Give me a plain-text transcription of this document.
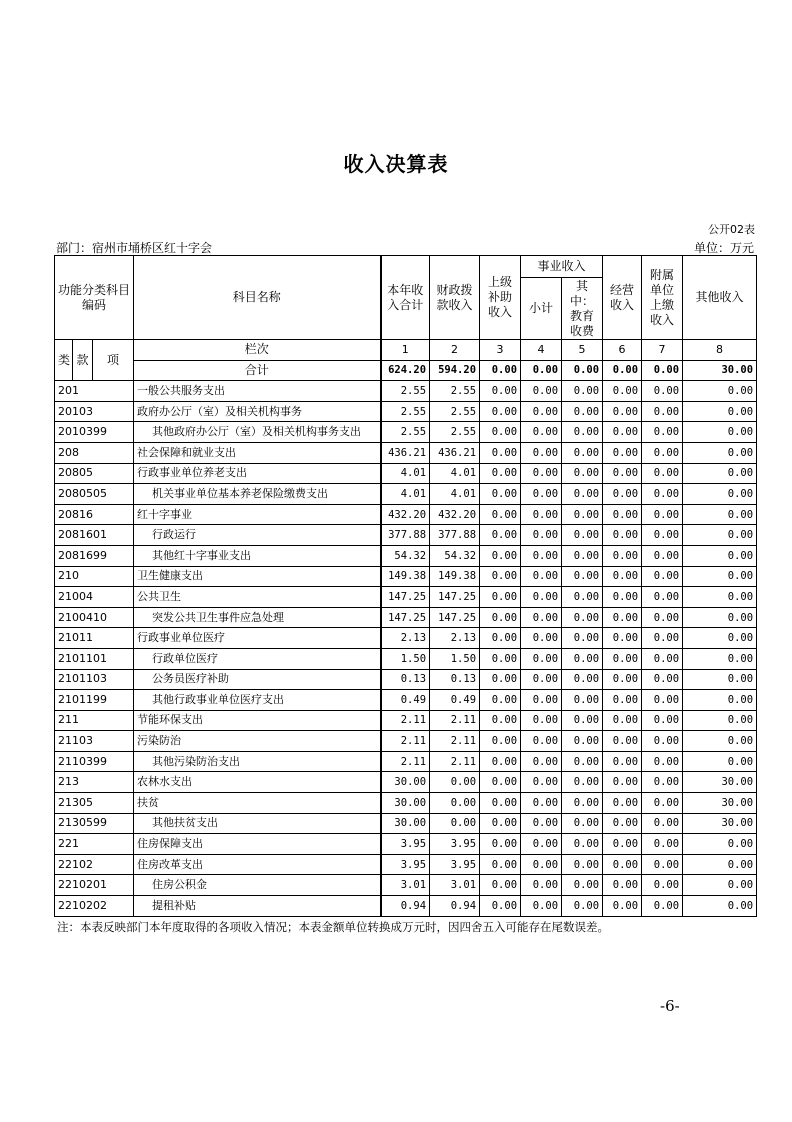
收入决算表
公开02表
部门：宿州市埇桥区红十字会	单位：万元
功能分类科目编码			科目名称	本年收入合计	财政拨款收入	上级补助收入	事业收入		经营收入	附属单位上缴收入	其他收入
							小计	其中：教育收费			
类	款	项	栏次	1	2	3	4	5	6	7	8
			合计	624.20	594.20	0.00	0.00	0.00	0.00	0.00	30.00
201			一般公共服务支出	2.55	2.55	0.00	0.00	0.00	0.00	0.00	0.00
20103			政府办公厅（室）及相关机构事务	2.55	2.55	0.00	0.00	0.00	0.00	0.00	0.00
2010399			其他政府办公厅（室）及相关机构事务支出	2.55	2.55	0.00	0.00	0.00	0.00	0.00	0.00
208			社会保障和就业支出	436.21	436.21	0.00	0.00	0.00	0.00	0.00	0.00
20805			行政事业单位养老支出	4.01	4.01	0.00	0.00	0.00	0.00	0.00	0.00
2080505			机关事业单位基本养老保险缴费支出	4.01	4.01	0.00	0.00	0.00	0.00	0.00	0.00
20816			红十字事业	432.20	432.20	0.00	0.00	0.00	0.00	0.00	0.00
2081601			行政运行	377.88	377.88	0.00	0.00	0.00	0.00	0.00	0.00
2081699			其他红十字事业支出	54.32	54.32	0.00	0.00	0.00	0.00	0.00	0.00
210			卫生健康支出	149.38	149.38	0.00	0.00	0.00	0.00	0.00	0.00
21004			公共卫生	147.25	147.25	0.00	0.00	0.00	0.00	0.00	0.00
2100410			突发公共卫生事件应急处理	147.25	147.25	0.00	0.00	0.00	0.00	0.00	0.00
21011			行政事业单位医疗	2.13	2.13	0.00	0.00	0.00	0.00	0.00	0.00
2101101			行政单位医疗	1.50	1.50	0.00	0.00	0.00	0.00	0.00	0.00
2101103			公务员医疗补助	0.13	0.13	0.00	0.00	0.00	0.00	0.00	0.00
2101199			其他行政事业单位医疗支出	0.49	0.49	0.00	0.00	0.00	0.00	0.00	0.00
211			节能环保支出	2.11	2.11	0.00	0.00	0.00	0.00	0.00	0.00
21103			污染防治	2.11	2.11	0.00	0.00	0.00	0.00	0.00	0.00
2110399			其他污染防治支出	2.11	2.11	0.00	0.00	0.00	0.00	0.00	0.00
213			农林水支出	30.00	0.00	0.00	0.00	0.00	0.00	0.00	30.00
21305			扶贫	30.00	0.00	0.00	0.00	0.00	0.00	0.00	30.00
2130599			其他扶贫支出	30.00	0.00	0.00	0.00	0.00	0.00	0.00	30.00
221			住房保障支出	3.95	3.95	0.00	0.00	0.00	0.00	0.00	0.00
22102			住房改革支出	3.95	3.95	0.00	0.00	0.00	0.00	0.00	0.00
2210201			住房公积金	3.01	3.01	0.00	0.00	0.00	0.00	0.00	0.00
2210202			提租补贴	0.94	0.94	0.00	0.00	0.00	0.00	0.00	0.00
注：本表反映部门本年度取得的各项收入情况；本表金额单位转换成万元时，因四舍五入可能存在尾数误差。
-6-
